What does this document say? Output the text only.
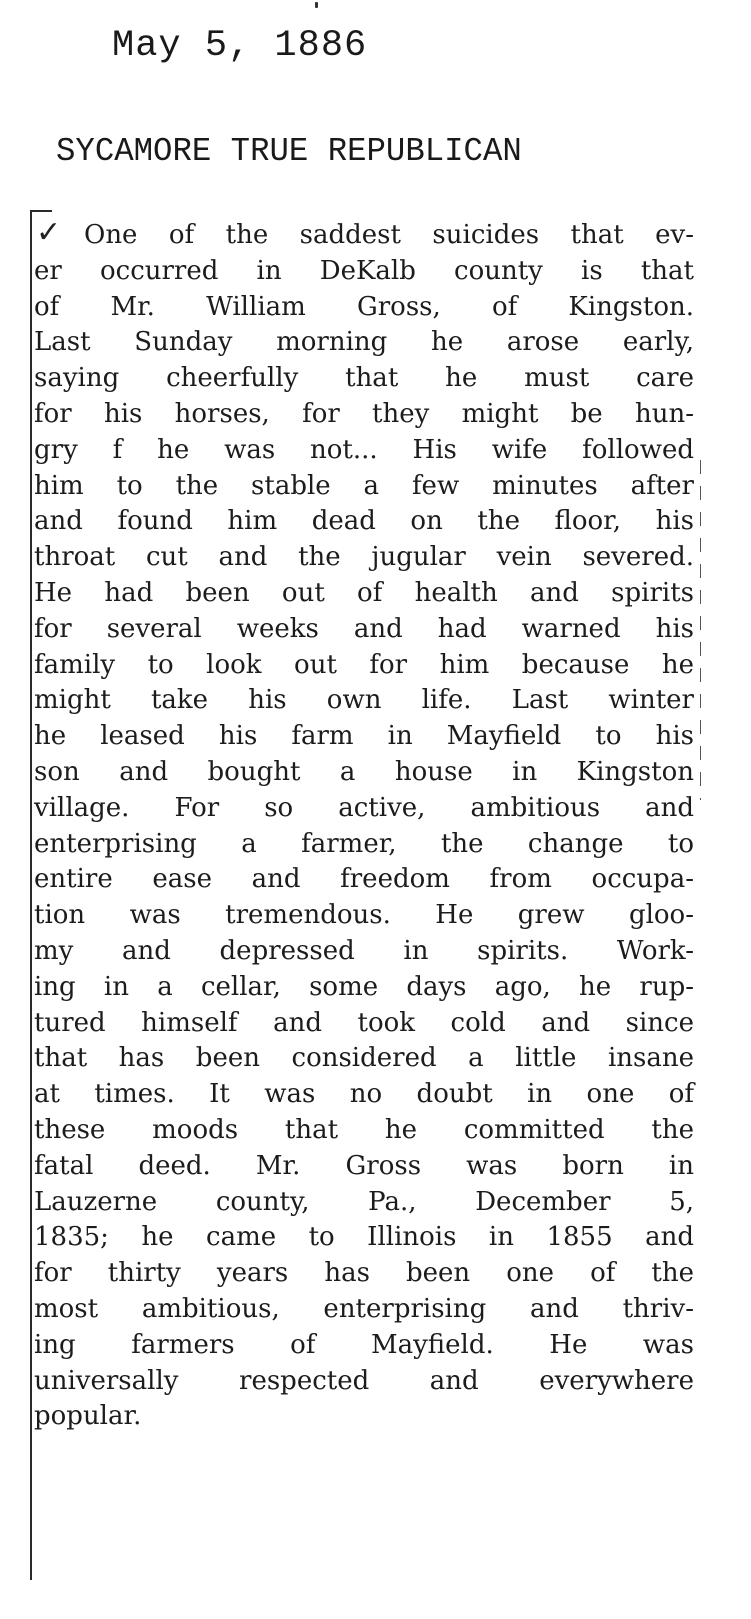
May 5, 1886
SYCAMORE TRUE REPUBLICAN
✓ One of the saddest suicides that ev-
er occurred in DeKalb county is that
of Mr. William Gross, of Kingston.
Last Sunday morning he arose early,
saying cheerfully that he must care
for his horses, for they might be hun-
gry f he was not... His wife followed
him to the stable a few minutes after
and found him dead on the floor, his
throat cut and the jugular vein severed.
He had been out of health and spirits
for several weeks and had warned his
family to look out for him because he
might take his own life. Last winter
he leased his farm in Mayfield to his
son and bought a house in Kingston
village. For so active, ambitious and
enterprising a farmer, the change to
entire ease and freedom from occupa-
tion was tremendous. He grew gloo-
my and depressed in spirits. Work-
ing in a cellar, some days ago, he rup-
tured himself and took cold and since
that has been considered a little insane
at times. It was no doubt in one of
these moods that he committed the
fatal deed. Mr. Gross was born in
Lauzerne county, Pa., December 5,
1835; he came to Illinois in 1855 and
for thirty years has been one of the
most ambitious, enterprising and thriv-
ing farmers of Mayfield. He was
universally respected and everywhere
popular.
